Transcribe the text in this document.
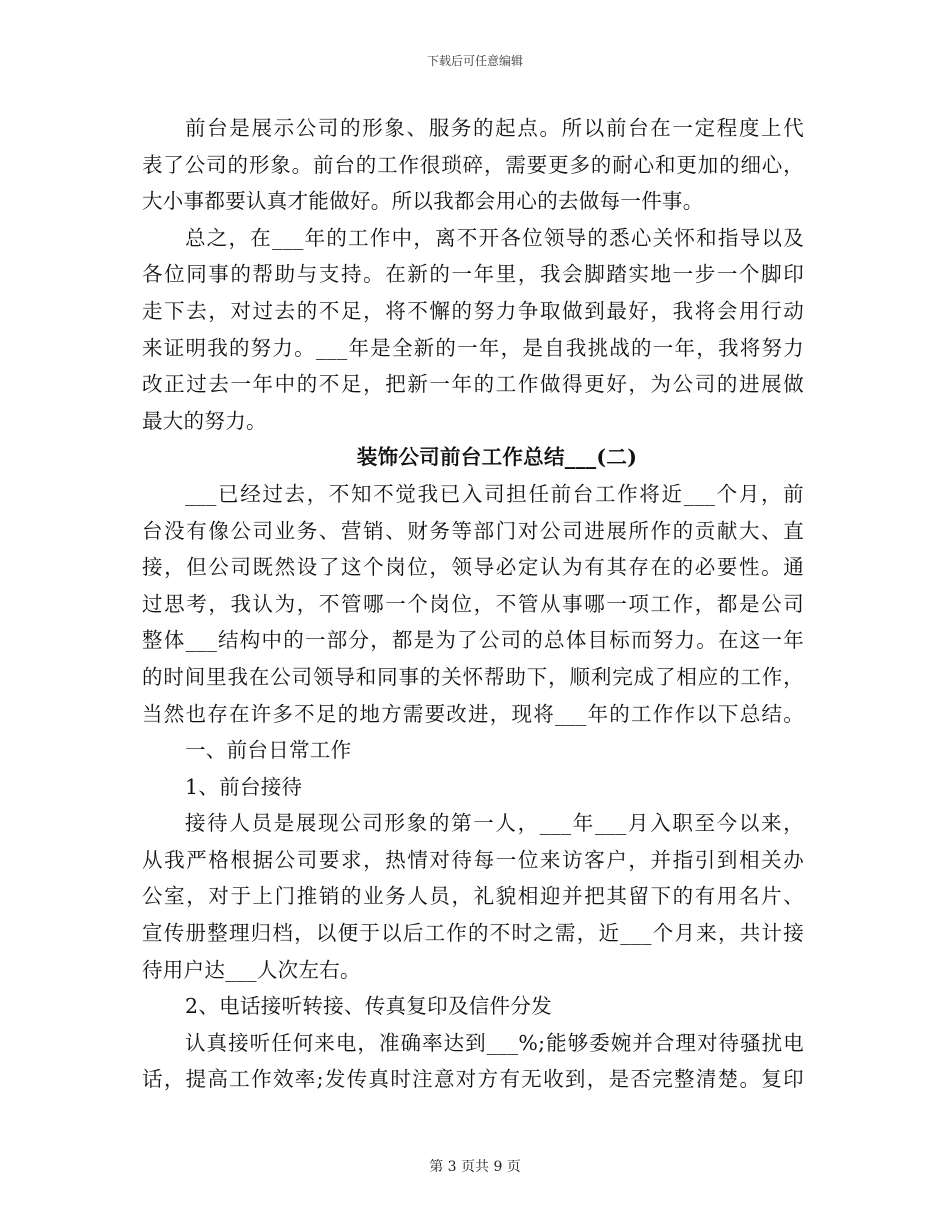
下载后可任意编辑
前台是展示公司的形象、服务的起点。所以前台在一定程度上代
表了公司的形象。前台的工作很琐碎，需要更多的耐心和更加的细心，
大小事都要认真才能做好。所以我都会用心的去做每一件事。
总之，在___年的工作中，离不开各位领导的悉心关怀和指导以及
各位同事的帮助与支持。在新的一年里，我会脚踏实地一步一个脚印
走下去，对过去的不足，将不懈的努力争取做到最好，我将会用行动
来证明我的努力。___年是全新的一年，是自我挑战的一年，我将努力
改正过去一年中的不足，把新一年的工作做得更好，为公司的进展做
最大的努力。
装饰公司前台工作总结___(二)
___已经过去，不知不觉我已入司担任前台工作将近___个月，前
台没有像公司业务、营销、财务等部门对公司进展所作的贡献大、直
接，但公司既然设了这个岗位，领导必定认为有其存在的必要性。通
过思考，我认为，不管哪一个岗位，不管从事哪一项工作，都是公司
整体___结构中的一部分，都是为了公司的总体目标而努力。在这一年
的时间里我在公司领导和同事的关怀帮助下，顺利完成了相应的工作，
当然也存在许多不足的地方需要改进，现将___年的工作作以下总结。
一、前台日常工作
1、前台接待
接待人员是展现公司形象的第一人，___年___月入职至今以来，
从我严格根据公司要求，热情对待每一位来访客户，并指引到相关办
公室，对于上门推销的业务人员，礼貌相迎并把其留下的有用名片、
宣传册整理归档，以便于以后工作的不时之需，近___个月来，共计接
待用户达___人次左右。
2、电话接听转接、传真复印及信件分发
认真接听任何来电，准确率达到___%;能够委婉并合理对待骚扰电
话，提高工作效率;发传真时注意对方有无收到，是否完整清楚。复印
第 3 页共 9 页
